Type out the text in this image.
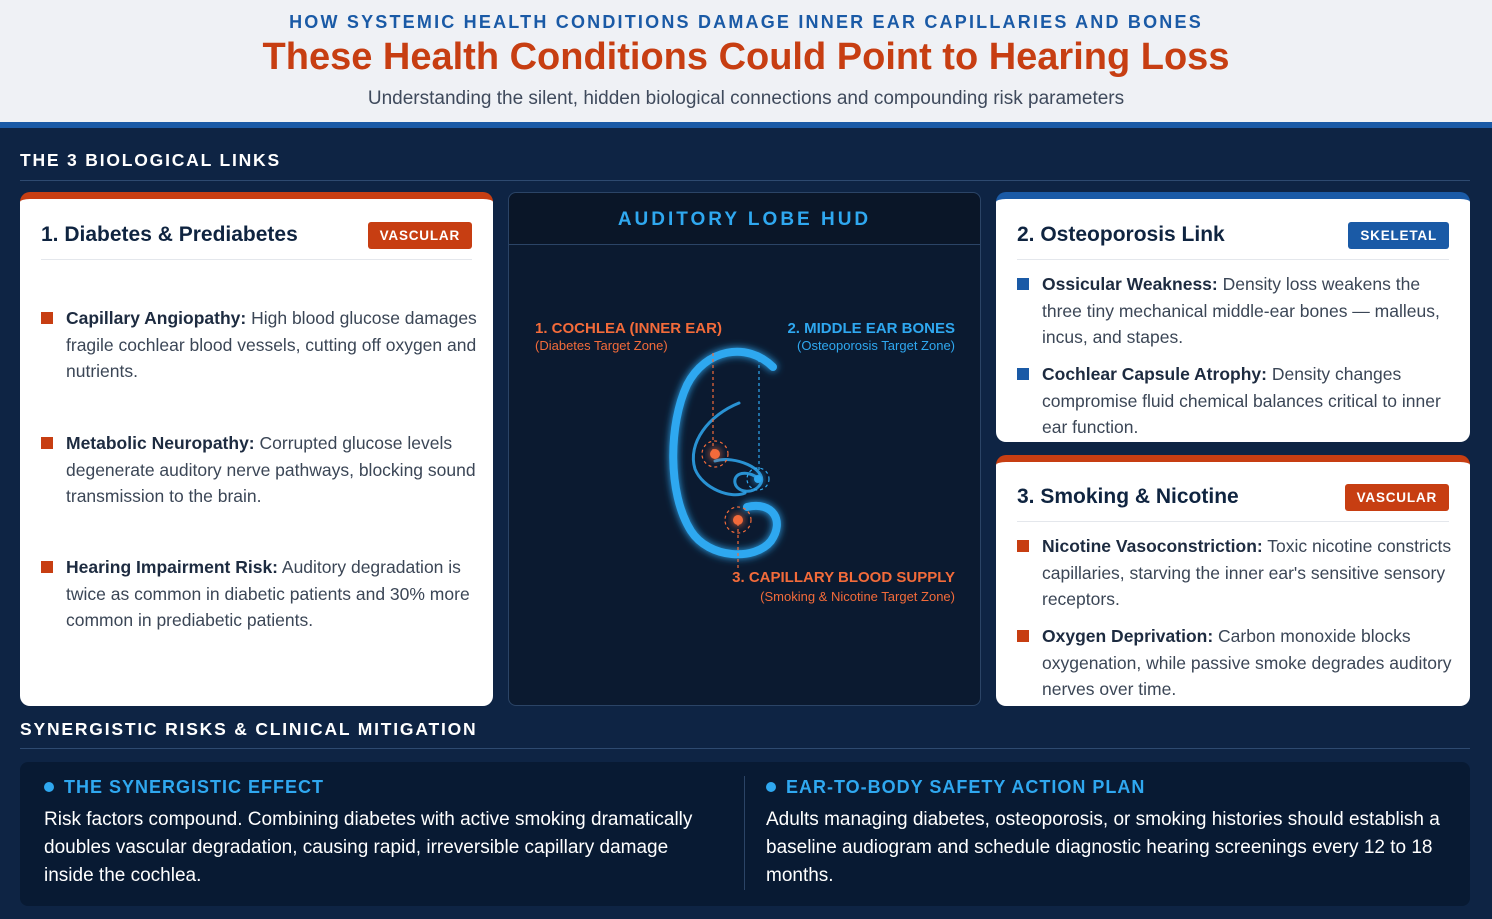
HOW SYSTEMIC HEALTH CONDITIONS DAMAGE INNER EAR CAPILLARIES AND BONES
These Health Conditions Could Point to Hearing Loss
Understanding the silent, hidden biological connections and compounding risk parameters
THE 3 BIOLOGICAL LINKS
1. Diabetes & Prediabetes	VASCULAR
Capillary Angiopathy: High blood glucose damages fragile cochlear blood vessels, cutting off oxygen and nutrients.
Metabolic Neuropathy: Corrupted glucose levels degenerate auditory nerve pathways, blocking sound transmission to the brain.
Hearing Impairment Risk: Auditory degradation is twice as common in diabetic patients and 30% more common in prediabetic patients.
AUDITORY LOBE HUD
1. COCHLEA (INNER EAR)
(Diabetes Target Zone)
2. MIDDLE EAR BONES
(Osteoporosis Target Zone)
3. CAPILLARY BLOOD SUPPLY
(Smoking & Nicotine Target Zone)
2. Osteoporosis Link	SKELETAL
Ossicular Weakness: Density loss weakens the three tiny mechanical middle-ear bones — malleus, incus, and stapes.
Cochlear Capsule Atrophy: Density changes compromise fluid chemical balances critical to inner ear function.
3. Smoking & Nicotine	VASCULAR
Nicotine Vasoconstriction: Toxic nicotine constricts capillaries, starving the inner ear's sensitive sensory receptors.
Oxygen Deprivation: Carbon monoxide blocks oxygenation, while passive smoke degrades auditory nerves over time.
SYNERGISTIC RISKS & CLINICAL MITIGATION
THE SYNERGISTIC EFFECT
Risk factors compound. Combining diabetes with active smoking dramatically doubles vascular degradation, causing rapid, irreversible capillary damage inside the cochlea.
EAR-TO-BODY SAFETY ACTION PLAN
Adults managing diabetes, osteoporosis, or smoking histories should establish a baseline audiogram and schedule diagnostic hearing screenings every 12 to 18 months.
